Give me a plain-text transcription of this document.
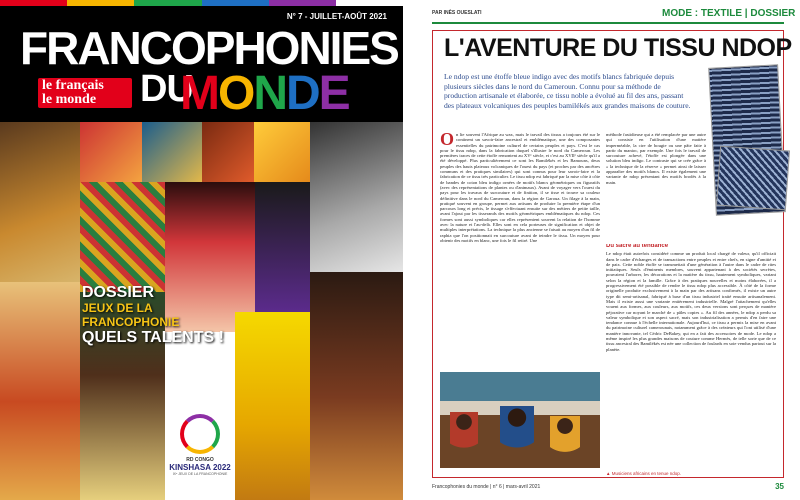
N° 7 - JUILLET-AOÛT 2021
FRANCOPHONIES
le français
le monde	DU
MONDE
DOSSIER
JEUX DE LA FRANCOPHONIE
QUELS TALENTS !
RD CONGO
KINSHASA 2022
IXᵉ JEUX DE LA FRANCOPHONIE
PAR INÈS OUESLATI	MODE : TEXTILE | DOSSIER
L'AVENTURE DU TISSU NDOP
Le ndop est une étoffe bleue indigo avec des motifs blancs fabriquée depuis plusieurs siècles dans le nord du Cameroun. Connu pour sa méthode de production artisanale et élaborée, ce tissu noble a évolué au fil des ans, passant des plateaux volcaniques des peuples bamilékés aux grandes maisons de couture.
On lie souvent l'Afrique au wax, mais le travail des tissus a toujours été sur le continent un savoir-faire ancestral et emblématique, une des composantes essentielles du patrimoine culturel de certains peuples et pays. C'est le cas pour le tissu ndop, dans la fabrication duquel s'illustre le nord du Cameroun. Les premières traces de cette étoffe remontent au XVᵉ siècle, et c'est au XVIIᵉ siècle qu'il a été développé. Plus particulièrement ce sont les Bamilékés et les Bamouns, deux peuples des hauts plateaux volcaniques de l'ouest du pays (et proches par des ancêtres communs et des pratiques similaires) qui sont connus pour leur savoir-faire et la fabrication de ce tissu très particulier. Le tissu ndop est fabriqué par la mise côte à côte de bandes de coton bleu indigo ornées de motifs blancs géométriques ou figuratifs (avec des représentations de plantes ou d'animaux). Avant de voyager vers l'ouest du pays pour les travaux de surcouture et de finition, il se tisse et trouve sa couleur définitive dans le nord du Cameroun, dans la région de Garoua. Un filage à la main, pratiqué souvent en groupe, permet aux artisans de produire la première étape d'un parcours long et précis, le tissage s'effectuant ensuite sur des métiers de petite taille, avant l'ajout par les tisserands des motifs géométriques emblématiques du ndop. Ces formes sont aussi symboliques car elles représentent souvent la relation de l'homme avec la nature et l'au-delà. Elles sont en cela porteuses de signification et objet de multiples interprétations. La technique la plus ancienne se faisait au moyen d'un fil de raphia que l'on positionnait en surcouture avant de teindre le tissu. Un moyen pour obtenir des motifs en blanc, une fois le fil retiré. Une
méthode fastidieuse qui a été remplacée par une autre qui consiste en l'utilisation d'une matière imperméable, la cire de bougie ou une pâte faite à partir du manioc, par exemple. Une fois le travail de surcouture achevé, l'étoffe est plongée dans une solution bleu indigo. Le contraste qui se crée grâce à « la technique de la réserve » permet ainsi de laisser apparaître des motifs blancs. Il existe également une variante de ndop présentant des motifs brodés à la main.
Du sacré au tendance
Le ndop était autrefois considéré comme un produit local chargé de valeur, qu'il officiait dans le cadre d'échanges et de transactions entre peuples et entre chefs, en signe d'amitié et de paix. Cette noble étoffe se transmettait d'une génération à l'autre dans le cadre de rites initiatiques. Seuls d'éminents membres, souvent appartenant à des sociétés secrètes, pouvaient l'arborer, les décorations et la matière du tissu, hautement symboliques, variant selon la région et la famille. Grâce à des pratiques nouvelles et moins élaborées, il a progressivement été possible de rendre le tissu ndop plus accessible. À côté de la forme originelle produite exclusivement à la main par des artisans confirmés, il existe un autre type dit semi-artisanal, fabriqué à base d'un tissu industriel traité ensuite artisanalement. Mais il existe aussi une variante entièrement industrielle. Malgré l'attachement qu'elles vouent aux formes, aux couleurs, aux motifs, ces deux versions sont perçues de manière péjorative car noyant le marché de « pâles copies ». Au fil des années, le ndop a perdu sa valeur symbolique et son aspect sacré, mais son industrialisation a permis d'en faire une tendance connue à l'échelle internationale. Aujourd'hui, ce tissu a permis la mise en avant du patrimoine culturel camerounais, notamment grâce à des créateurs qui l'ont utilisé d'une manière innovante, tel Cédric DeBakey, qui en a fait des accessoires de mode. Le ndop a même inspiré les plus grandes maisons de couture comme Hermès, de telle sorte que de ce tissu ancestral des Bamilékés est née une collection de foulards en soie vendus partout sur la planète.
▲ Musiciens africains en tenue ndop.
Francophonies du monde | n° 6 | mars-avril 2021	35
